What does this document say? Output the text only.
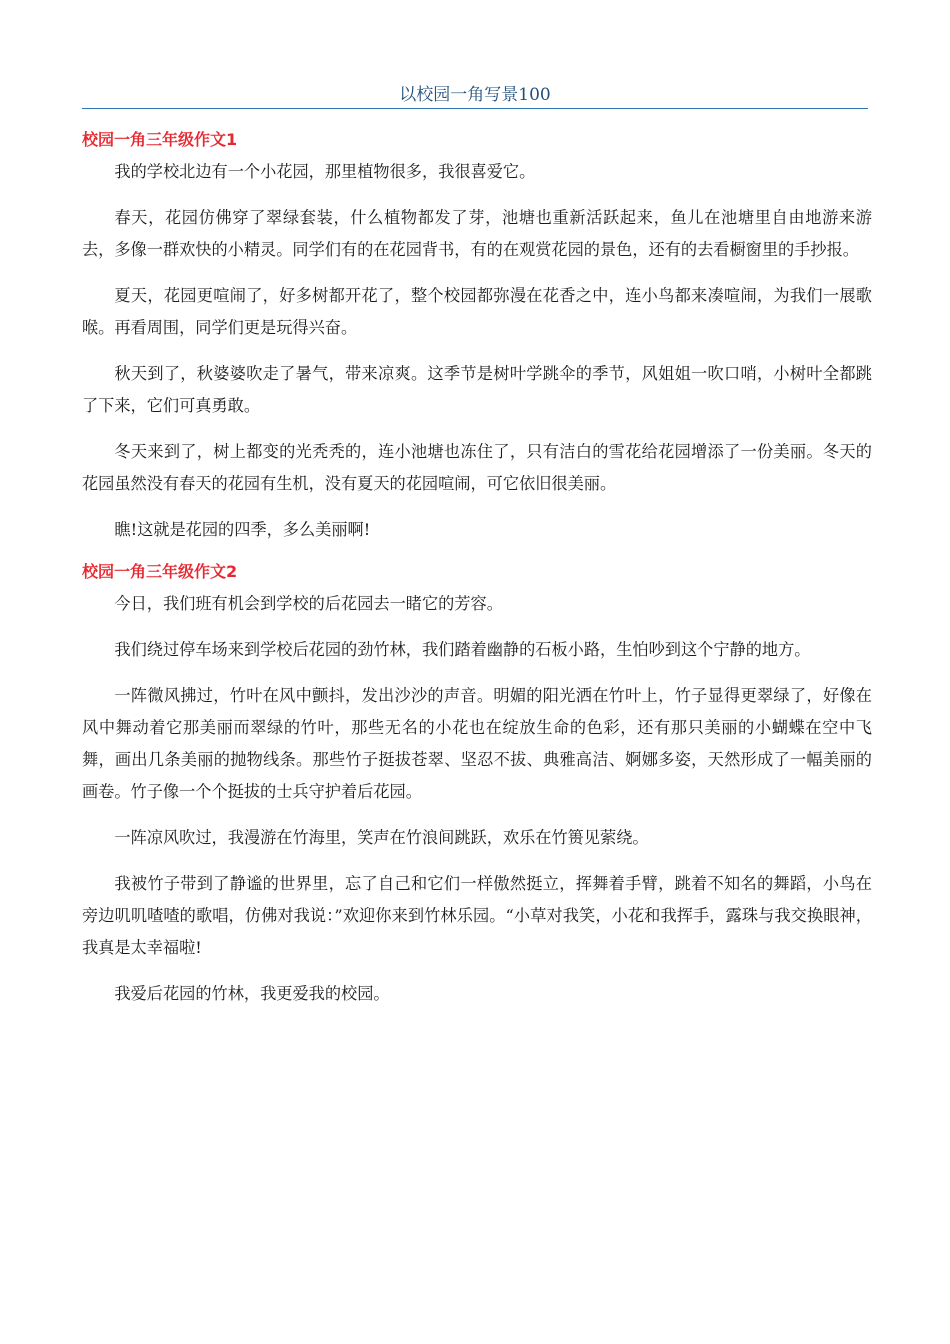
以校园一角写景100
校园一角三年级作文1

我的学校北边有一个小花园，那里植物很多，我很喜爱它。

春天，花园仿佛穿了翠绿套装，什么植物都发了芽，池塘也重新活跃起来，鱼儿在池塘里自由地游来游去，多像一群欢快的小精灵。同学们有的在花园背书，有的在观赏花园的景色，还有的去看橱窗里的手抄报。

夏天，花园更喧闹了，好多树都开花了，整个校园都弥漫在花香之中，连小鸟都来凑喧闹，为我们一展歌喉。再看周围，同学们更是玩得兴奋。

秋天到了，秋婆婆吹走了暑气，带来凉爽。这季节是树叶学跳伞的季节，风姐姐一吹口哨，小树叶全都跳了下来，它们可真勇敢。

冬天来到了，树上都变的光秃秃的，连小池塘也冻住了，只有洁白的雪花给花园增添了一份美丽。冬天的花园虽然没有春天的花园有生机，没有夏天的花园喧闹，可它依旧很美丽。

瞧!这就是花园的四季，多么美丽啊!

校园一角三年级作文2

今日，我们班有机会到学校的后花园去一睹它的芳容。

我们绕过停车场来到学校后花园的劲竹林，我们踏着幽静的石板小路，生怕吵到这个宁静的地方。

一阵微风拂过，竹叶在风中颤抖，发出沙沙的声音。明媚的阳光洒在竹叶上，竹子显得更翠绿了，好像在风中舞动着它那美丽而翠绿的竹叶，那些无名的小花也在绽放生命的色彩，还有那只美丽的小蝴蝶在空中飞舞，画出几条美丽的抛物线条。那些竹子挺拔苍翠、坚忍不拔、典雅高洁、婀娜多姿，天然形成了一幅美丽的画卷。竹子像一个个挺拔的士兵守护着后花园。

一阵凉风吹过，我漫游在竹海里，笑声在竹浪间跳跃，欢乐在竹篑见萦绕。

我被竹子带到了静谧的世界里，忘了自己和它们一样傲然挺立，挥舞着手臂，跳着不知名的舞蹈，小鸟在旁边叽叽喳喳的歌唱，仿佛对我说：”欢迎你来到竹林乐园。“小草对我笑，小花和我挥手，露珠与我交换眼神，我真是太幸福啦!

我爱后花园的竹林，我更爱我的校园。
